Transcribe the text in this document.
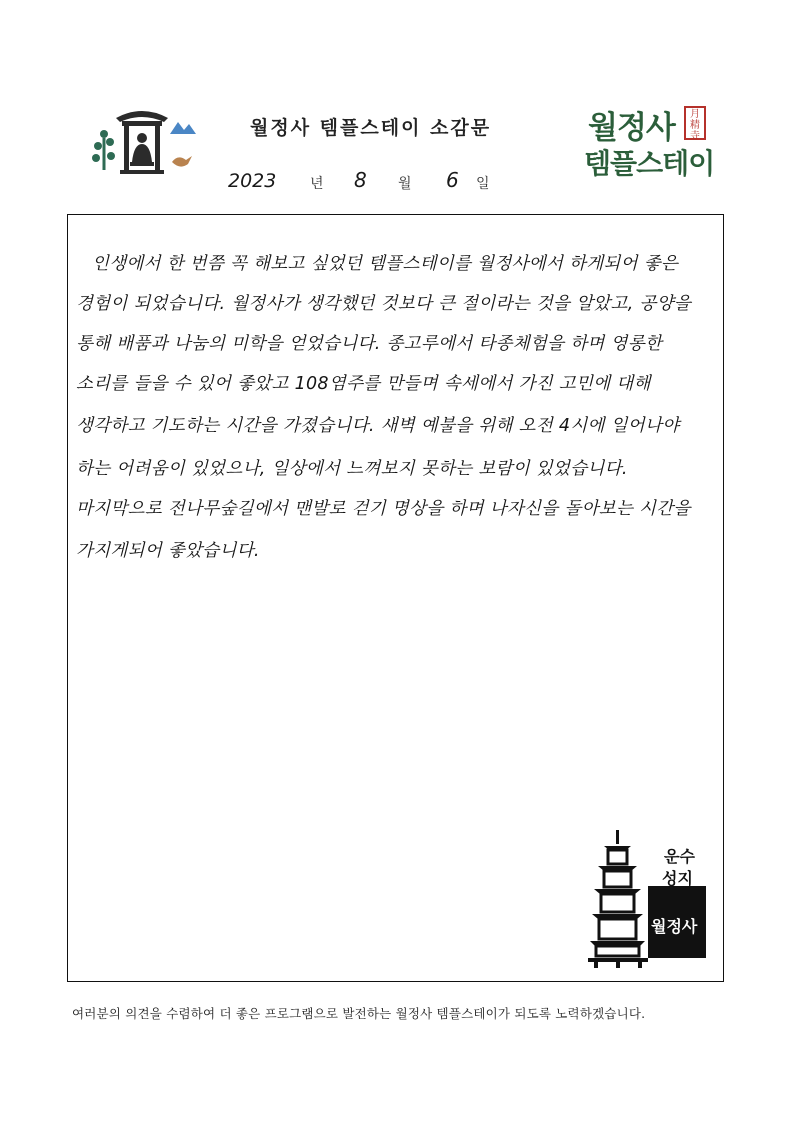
월정사 템플스테이 소감문	월정사
템플스테이
月精寺
2023 년 8 월 6 일
인생에서 한 번쯤 꼭 해보고 싶었던 템플스테이를 월정사에서 하게되어 좋은
경험이 되었습니다. 월정사가 생각했던 것보다 큰 절이라는 것을 알았고, 공양을
통해 배품과 나눔의 미학을 얻었습니다. 종고루에서 타종체험을 하며 영롱한
소리를 들을 수 있어 좋았고 108염주를 만들며 속세에서 가진 고민에 대해
생각하고 기도하는 시간을 가졌습니다. 새벽 예불을 위해 오전 4시에 일어나야
하는 어려움이 있었으나, 일상에서 느껴보지 못하는 보람이 있었습니다.
마지막으로 전나무숲길에서 맨발로 걷기 명상을 하며 나자신을 돌아보는 시간을
가지게되어 좋았습니다.
운수
성지
월정사
여러분의 의견을 수렴하여 더 좋은 프로그램으로 발전하는 월정사 템플스테이가 되도록 노력하겠습니다.
